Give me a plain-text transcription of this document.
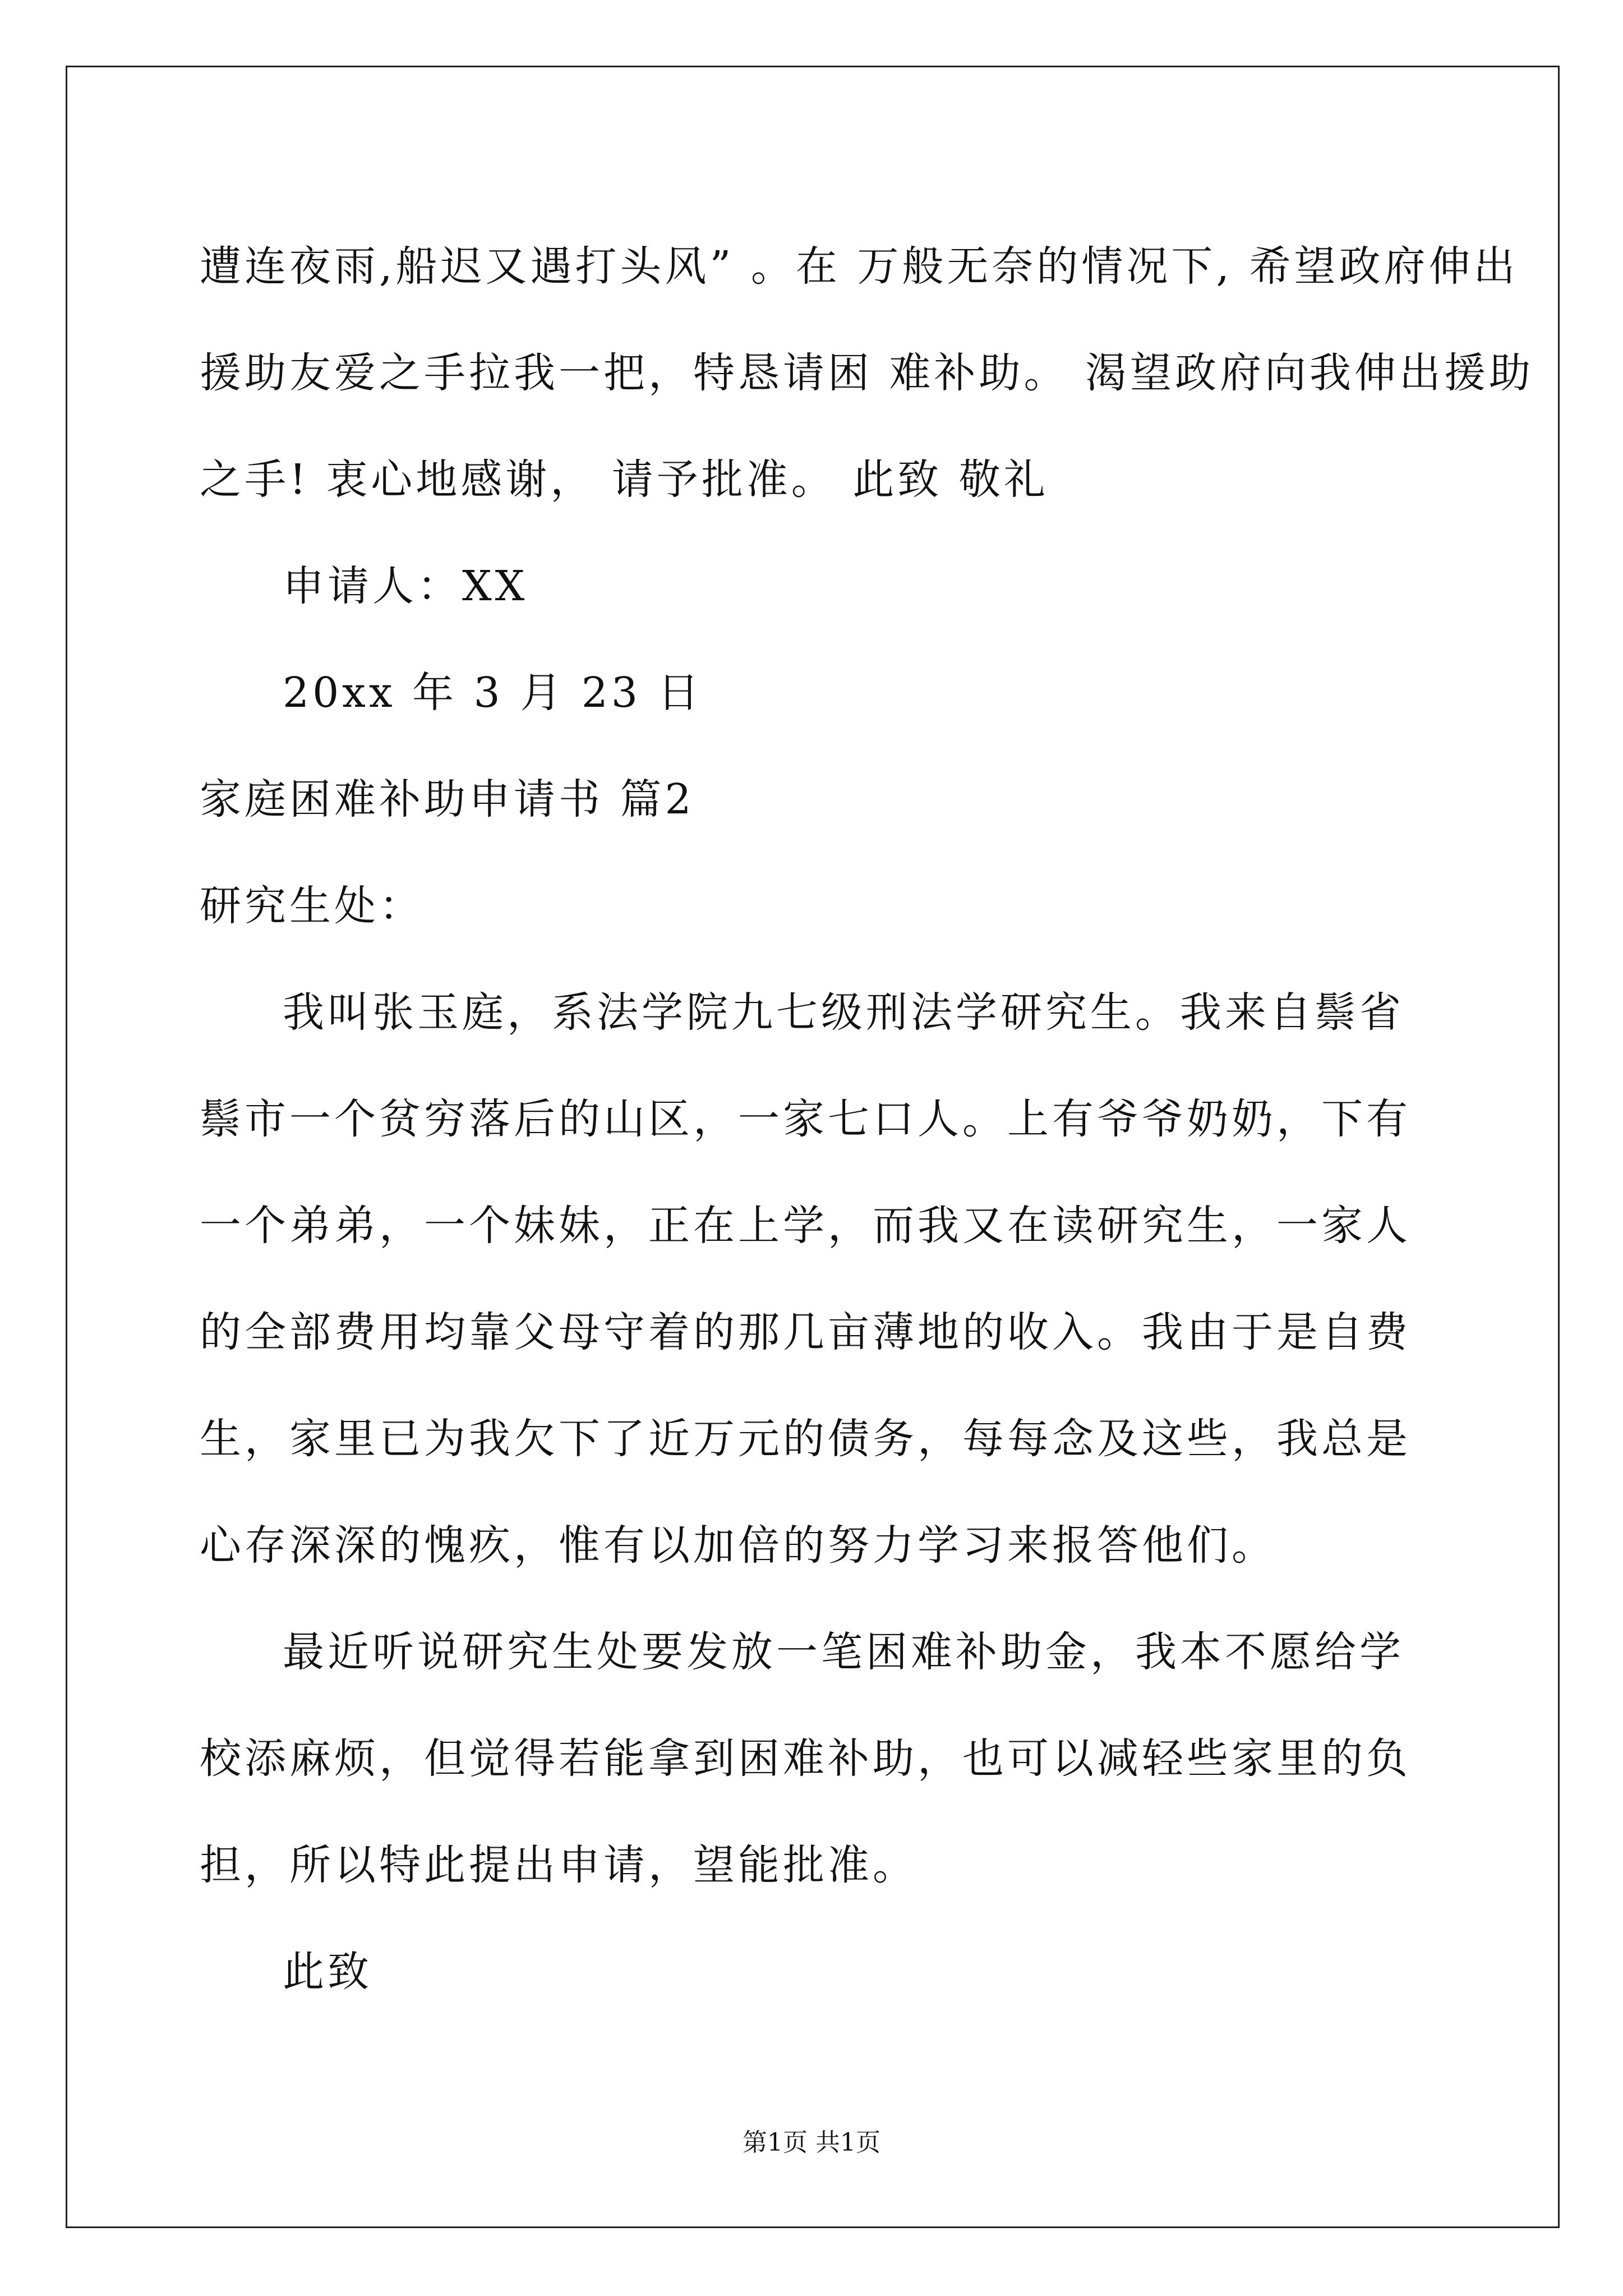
遭连夜雨,船迟又遇打头风” 。在 万般无奈的情况下, 希望政府伸出

援助友爱之手拉我一把，特恳请困 难补助。 渴望政府向我伸出援助

之手! 衷心地感谢， 请予批准。 此致 敬礼

申请人：XX

20xx 年 3 月 23 日

家庭困难补助申请书 篇2

研究生处：

我叫张玉庭，系法学院九七级刑法学研究生。我来自鬃省鬃市一个贫穷落后的山区，一家七口人。上有爷爷奶奶，下有一个弟弟，一个妹妹，正在上学，而我又在读研究生，一家人的全部费用均靠父母守着的那几亩薄地的收入。我由于是自费生，家里已为我欠下了近万元的债务，每每念及这些，我总是心存深深的愧疚，惟有以加倍的努力学习来报答他们。

最近听说研究生处要发放一笔困难补助金，我本不愿给学校添麻烦，但觉得若能拿到困难补助，也可以减轻些家里的负担，所以特此提出申请，望能批准。

此致

第1页 共1页
